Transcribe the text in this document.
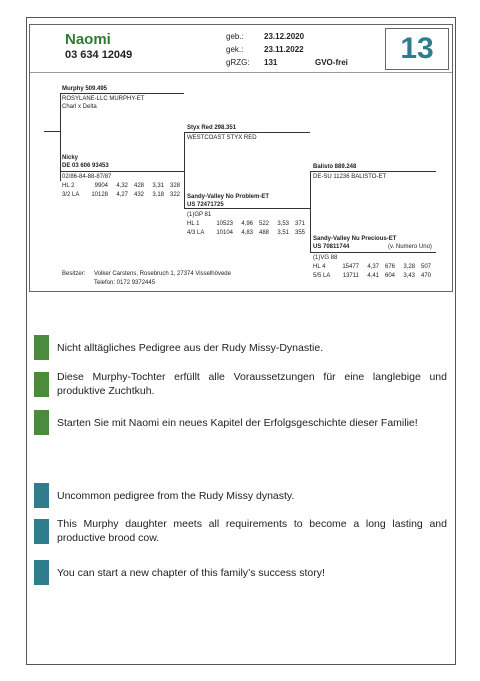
Naomi
03 634 12049
geb.:	23.12.2020
gek.:	23.11.2022
gRZG: 131	GVO-frei 13
Murphy 509.495
ROSYLANE-LLC MURPHY-ET
Charl x Delta
Styx Red 298.351
WESTCOAST STYX RED
Nicky
DE 03 606 93453
02/86-84-88-87/87
HL 2	9904	4,32 428	3,31 328
3/2 LA	10128	4,27 432	3,18 322
Balisto 889.248
DE-SU 11236 BALISTO-ET
Sandy-Valley No Problem-ET
US 72471725
(1)GP 81
HL 1	10523	4,96 522	3,53 371
4/3 LA	10104	4,83 488	3,51 355
Sandy-Valley Nu Precious-ET
US 70811744	(v. Numero Uno)
(1)VG 88
HL 4	15477	4,37 676	3,28 507
5/5 LA	13711	4,41 604	3,43 470
Besitzer: Volker Carstens, Rosebruch 1, 27374 Visselhövede
Telefon: 0172 9372445
Nicht alltägliches Pedigree aus der Rudy Missy-Dynastie.
Diese Murphy-Tochter erfüllt alle Voraussetzungen für eine langlebige und produktive Zuchtkuh.
Starten Sie mit Naomi ein neues Kapitel der Erfolgsgeschichte dieser Familie!
Uncommon pedigree from the Rudy Missy dynasty.
This Murphy daughter meets all requirements to become a long lasting and productive brood cow.
You can start a new chapter of this family’s success story!
